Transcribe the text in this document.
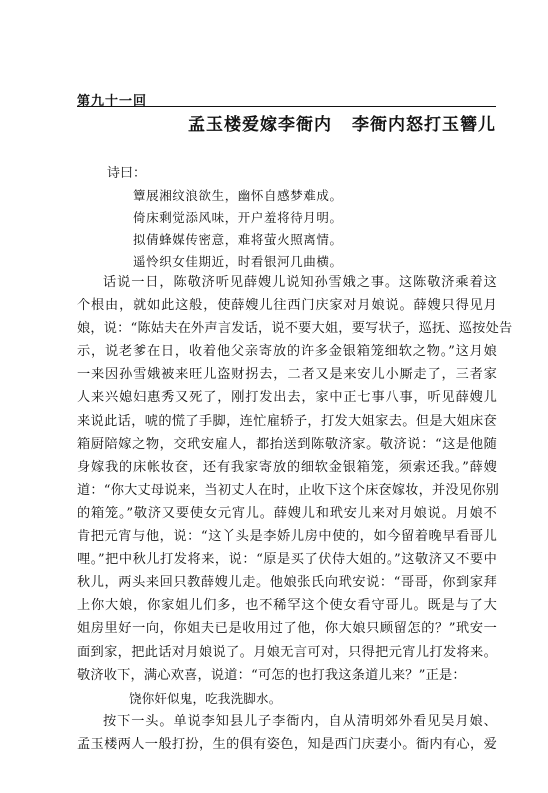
第九十一回
孟玉楼爱嫁李衙内 李衙内怒打玉簪儿
诗曰：
簟展湘纹浪欲生，幽怀自感梦难成。
倚床剩觉添风味，开户羞将待月明。
拟倩蜂媒传密意，难将萤火照离情。
遥怜织女佳期近，时看银河几曲横。
话说一日，陈敬济听见薛嫂儿说知孙雪娥之事。这陈敬济乘着这
个根由，就如此这般，使薛嫂儿往西门庆家对月娘说。薛嫂只得见月
娘，说：“陈姑夫在外声言发话，说不要大姐，要写状子，巡抚、巡按处告
示，说老爹在日，收着他父亲寄放的许多金银箱笼细软之物。”这月娘
一来因孙雪娥被来旺儿盗财拐去，二者又是来安儿小厮走了，三者家
人来兴媳妇惠秀又死了，刚打发出去，家中正七事八事，听见薛嫂儿
来说此话，唬的慌了手脚，连忙雇轿子，打发大姐家去。但是大姐床奁
箱厨陪嫁之物，交玳安雇人，都抬送到陈敬济家。敬济说：“这是他随
身嫁我的床帐妆奁，还有我家寄放的细软金银箱笼，须索还我。”薛嫂
道：“你大丈母说来，当初丈人在时，止收下这个床奁嫁妆，并没见你别
的箱笼。”敬济又要使女元宵儿。薛嫂儿和玳安儿来对月娘说。月娘不
肯把元宵与他，说：“这丫头是李娇儿房中使的，如今留着晚早看哥儿
哩。”把中秋儿打发将来，说：“原是买了伏侍大姐的。”这敬济又不要中
秋儿，两头来回只教薛嫂儿走。他娘张氏向玳安说：“哥哥，你到家拜
上你大娘，你家姐儿们多，也不稀罕这个使女看守哥儿。既是与了大
姐房里好一向，你姐夫已是收用过了他，你大娘只顾留怎的？”玳安一
面到家，把此话对月娘说了。月娘无言可对，只得把元宵儿打发将来。
敬济收下，满心欢喜，说道：“可怎的也打我这条道儿来？”正是：
饶你奸似鬼，吃我洗脚水。
按下一头。单说李知县儿子李衙内，自从清明郊外看见吴月娘、
孟玉楼两人一般打扮，生的俱有姿色，知是西门庆妻小。衙内有心，爱
